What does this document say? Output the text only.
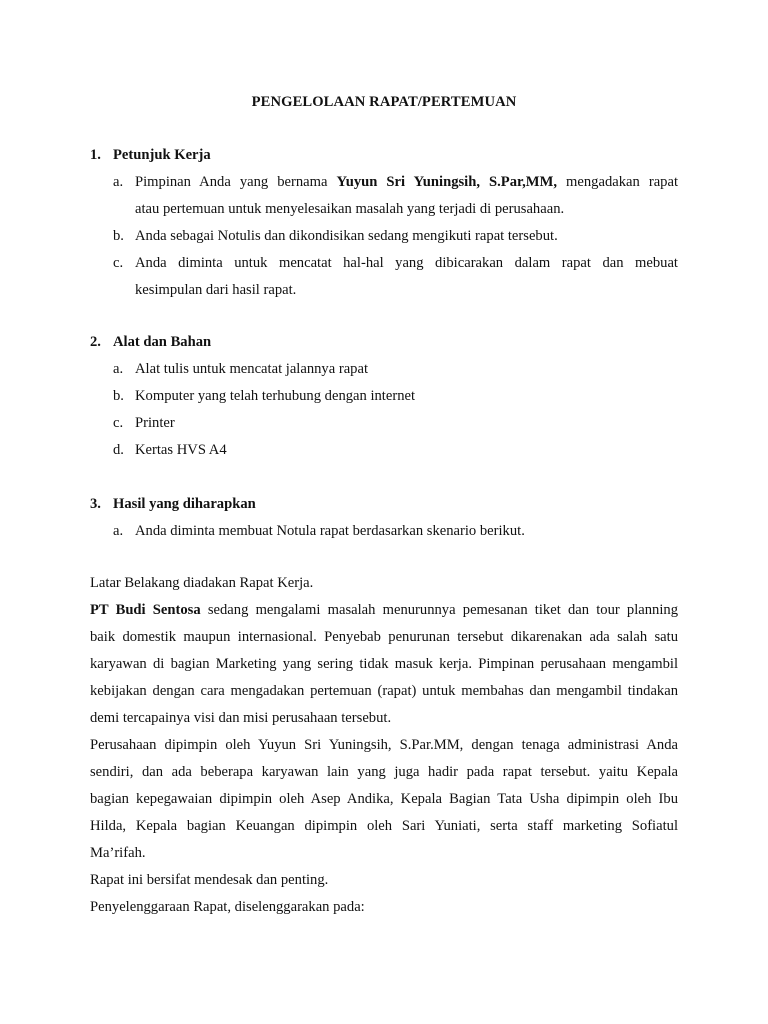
PENGELOLAAN RAPAT/PERTEMUAN
1. Petunjuk Kerja
a. Pimpinan Anda yang bernama Yuyun Sri Yuningsih, S.Par,MM, mengadakan rapat
atau pertemuan untuk menyelesaikan masalah yang terjadi di perusahaan.
b. Anda sebagai Notulis dan dikondisikan sedang mengikuti rapat tersebut.
c. Anda diminta untuk mencatat hal-hal yang dibicarakan dalam rapat dan mebuat
kesimpulan dari hasil rapat.
2. Alat dan Bahan
a. Alat tulis untuk mencatat jalannya rapat
b. Komputer yang telah terhubung dengan internet
c. Printer
d. Kertas HVS A4
3. Hasil yang diharapkan
a. Anda diminta membuat Notula rapat berdasarkan skenario berikut.
Latar Belakang diadakan Rapat Kerja.
PT Budi Sentosa sedang mengalami masalah menurunnya pemesanan tiket dan tour planning
baik domestik maupun internasional. Penyebab penurunan tersebut dikarenakan ada salah satu
karyawan di bagian Marketing yang sering tidak masuk kerja. Pimpinan perusahaan mengambil
kebijakan dengan cara mengadakan pertemuan (rapat) untuk membahas dan mengambil tindakan
demi tercapainya visi dan misi perusahaan tersebut.
Perusahaan dipimpin oleh Yuyun Sri Yuningsih, S.Par.MM, dengan tenaga administrasi Anda
sendiri, dan ada beberapa karyawan lain yang juga hadir pada rapat tersebut. yaitu Kepala
bagian kepegawaian dipimpin oleh Asep Andika, Kepala Bagian Tata Usha dipimpin oleh Ibu
Hilda, Kepala bagian Keuangan dipimpin oleh Sari Yuniati, serta staff marketing Sofiatul
Ma’rifah.
Rapat ini bersifat mendesak dan penting.
Penyelenggaraan Rapat, diselenggarakan pada:
